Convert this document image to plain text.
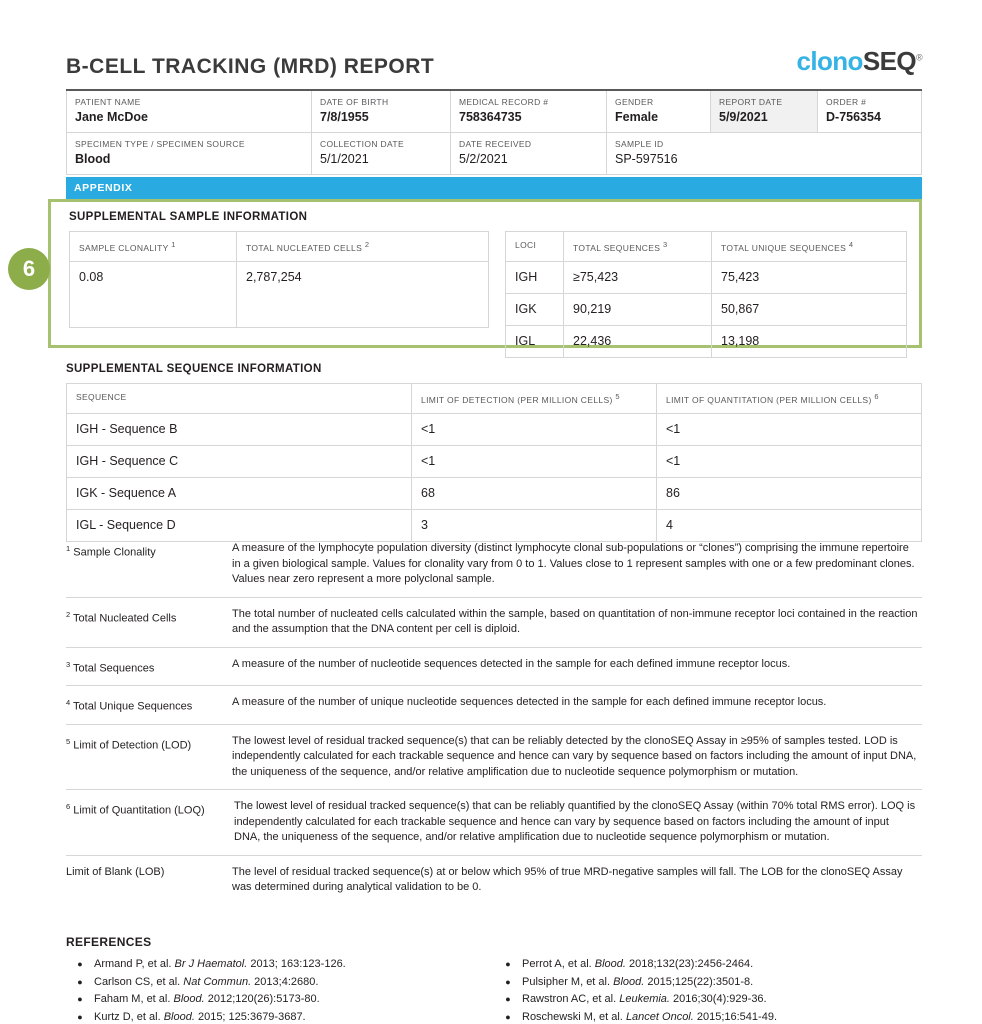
B-CELL TRACKING (MRD) REPORT	clonoSEQ®
PATIENT NAME
Jane McDoe

DATE OF BIRTH
7/8/1955

MEDICAL RECORD #
758364735

GENDER
Female

REPORT DATE
5/9/2021

ORDER #
D-756354

SPECIMEN TYPE / SPECIMEN SOURCE
Blood

COLLECTION DATE
5/1/2021

DATE RECEIVED
5/2/2021

SAMPLE ID
SP-597516
APPENDIX
6
SUPPLEMENTAL SAMPLE INFORMATION
SAMPLE CLONALITY $^1$	TOTAL NUCLEATED CELLS $^2$
0.08	2,787,254
LOCI	TOTAL SEQUENCES $^3$	TOTAL UNIQUE SEQUENCES $^4$
IGH	≥75,423	75,423
IGK	90,219	50,867
IGL	22,436	13,198
SUPPLEMENTAL SEQUENCE INFORMATION
SEQUENCE	LIMIT OF DETECTION (PER MILLION CELLS) $^5$	LIMIT OF QUANTITATION (PER MILLION CELLS) $^6$
IGH - Sequence B	<1	<1
IGH - Sequence C	<1	<1
IGK - Sequence A	68	86
IGL - Sequence D	3	4
$^1$ Sample Clonality	A measure of the lymphocyte population diversity (distinct lymphocyte clonal sub-populations or “clones”) comprising the immune repertoire in a given biological sample. Values for clonality vary from 0 to 1. Values close to 1 represent samples with one or a few predominant clones. Values near zero represent a more polyclonal sample.
$^2$ Total Nucleated Cells	The total number of nucleated cells calculated within the sample, based on quantitation of non-immune receptor loci contained in the reaction and the assumption that the DNA content per cell is diploid.
$^3$ Total Sequences	A measure of the number of nucleotide sequences detected in the sample for each defined immune receptor locus.
$^4$ Total Unique Sequences	A measure of the number of unique nucleotide sequences detected in the sample for each defined immune receptor locus.
$^5$ Limit of Detection (LOD)	The lowest level of residual tracked sequence(s) that can be reliably detected by the clonoSEQ Assay in ≥95% of samples tested. LOD is independently calculated for each trackable sequence and hence can vary by sequence based on factors including the amount of input DNA, the uniqueness of the sequence, and/or relative amplification due to nucleotide sequence polymorphism or mutation.
$^6$ Limit of Quantitation (LOQ)	The lowest level of residual tracked sequence(s) that can be reliably quantified by the clonoSEQ Assay (within 70% total RMS error). LOQ is independently calculated for each trackable sequence and hence can vary by sequence based on factors including the amount of input DNA, the uniqueness of the sequence, and/or relative amplification due to nucleotide sequence polymorphism or mutation.
Limit of Blank (LOB)	The level of residual tracked sequence(s) at or below which 95% of true MRD-negative samples will fall. The LOB for the clonoSEQ Assay was determined during analytical validation to be 0.
REFERENCES
●	Armand P, et al. Br J Haematol. 2013; 163:123-126.
●	Carlson CS, et al. Nat Commun. 2013;4:2680.
●	Faham M, et al. Blood. 2012;120(26):5173-80.
●	Kurtz D, et al. Blood. 2015; 125:3679-3687.
●	Perrot A, et al. Blood. 2018;132(23):2456-2464.
●	Pulsipher M, et al. Blood. 2015;125(22):3501-8.
●	Rawstron AC, et al. Leukemia. 2016;30(4):929-36.
●	Roschewski M, et al. Lancet Oncol. 2015;16:541-49.
